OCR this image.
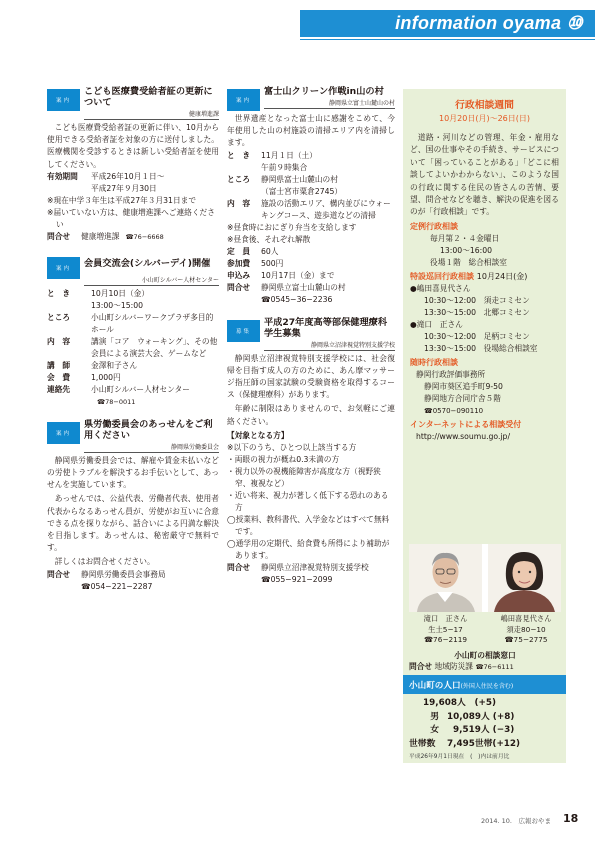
information oyama ⑩
案内
こども医療費受給者証の更新について
健康増進課
こども医療費受給者証の更新に伴い、10月から使用できる受給者証を対象の方に送付しました。医療機関を受診するときは新しい受給者証を使用してください。
有効期間	平成26年10月１日～
平成27年９月30日
※現在中学３年生は平成27年３月31日まで
※届いていない方は、健康増進課へご連絡ください
問合せ	健康増進課 ☎76−6668
案内	会員交流会(シルバーデイ)開催
小山町シルバー人材センター
と　き	10月10日（金）
13:00～15:00
ところ	小山町シルバーワークプラザ多目的ホール
内　容	講演「コア　ウォーキング」、その他会員による演芸大会、ゲームなど
講　師	金澤和子さん
会　費	1,000円
連絡先	小山町シルバー人材センター☎78−0011
案内
県労働委員会のあっせんをご利用ください
静岡県労働委員会
静岡県労働委員会では、解雇や賃金未払いなどの労使トラブルを解決するお手伝いとして、あっせんを実施しています。
あっせんでは、公益代表、労働者代表、使用者代表からなるあっせん員が、労使がお互いに合意できる点を探りながら、話合いによる円満な解決を目指します。あっせんは、秘密厳守で無料です。
詳しくはお問合せください。
問合せ	静岡県労働委員会事務局
☎054−221−2287
案内
富士山クリーン作戦in山の村
静岡県立富士山麓山の村
世界遺産となった富士山に感謝をこめて、今年使用した山の村施設の清掃エリア内を清掃します。
と　き	11月１日（土）
午前９時集合
ところ	静岡県富士山麓山の村
（富士宮市粟倉2745）
内　容	施設の活動エリア、構内並びにウォーキングコース、遊歩道などの清掃
※昼食時におにぎり弁当を支給します
※昼食後、それぞれ解散
定　員	60人
参加費	500円
申込み	10月17日（金）まで
問合せ	静岡県立富士山麓山の村
☎0545−36−2236
募集
平成27年度高等部保健理療科学生募集
静岡県立沼津視覚特別支援学校
静岡県立沼津視覚特別支援学校には、社会復帰を目指す成人の方のために、あん摩マッサージ指圧師の国家試験の受験資格を取得するコース（保健理療科）があります。
年齢に制限はありませんので、お気軽にご連絡ください。
【対象となる方】
※以下のうち、ひとつ以上該当する方
・両眼の視力が概ね0.3未満の方
・視力以外の視機能障害が高度な方（視野狭窄、複視など）
・近い将来、視力が著しく低下する恐れのある方
◯授業料、教科書代、入学金などはすべて無料です。
◯通学用の定期代、給食費も所得により補助があります。
問合せ	静岡県立沼津視覚特別支援学校
☎055−921−2099
行政相談週間
10月20日(月)～26日(日)
道路・河川などの管理、年金・雇用など、国の仕事やその手続き、サービスについて「困っていることがある」「どこに相談してよいかわからない」、このような国の行政に関する住民の皆さんの苦情、要望、問合せなどを聴き、解決の促進を図るのが「行政相談」です。
定例行政相談
毎月第２・４金曜日
13:00～16:00
役場１階　総合相談室
特設巡回行政相談 10月24日(金)
●嶋田喜見代さん
10:30～12:00　須走コミセン
13:30～15:00　北郷コミセン
●滝口　正さん
10:30～12:00　足柄コミセン
13:30～15:00　役場総合相談室
随時行政相談
静岡行政評価事務所
静岡市葵区追手町9-50
静岡地方合同庁舎５階
☎0570−090110
インターネットによる相談受付
http://www.soumu.go.jp/
滝口　正さん
生土5−17
☎76−2119
嶋田喜見代さん
須走80−10
☎75−2775
小山町の相談窓口
問合せ 地域防災課 ☎76−6111
小山町の人口(外国人住民を含む)
19,608人　(+5)
男 10,089人 (+8)
女 9,519人 (−3)
世帯数	7,495世帯(+12)
平成26年9月1日現在　(　)内は前月比
2014. 10.　広報おやま 18
